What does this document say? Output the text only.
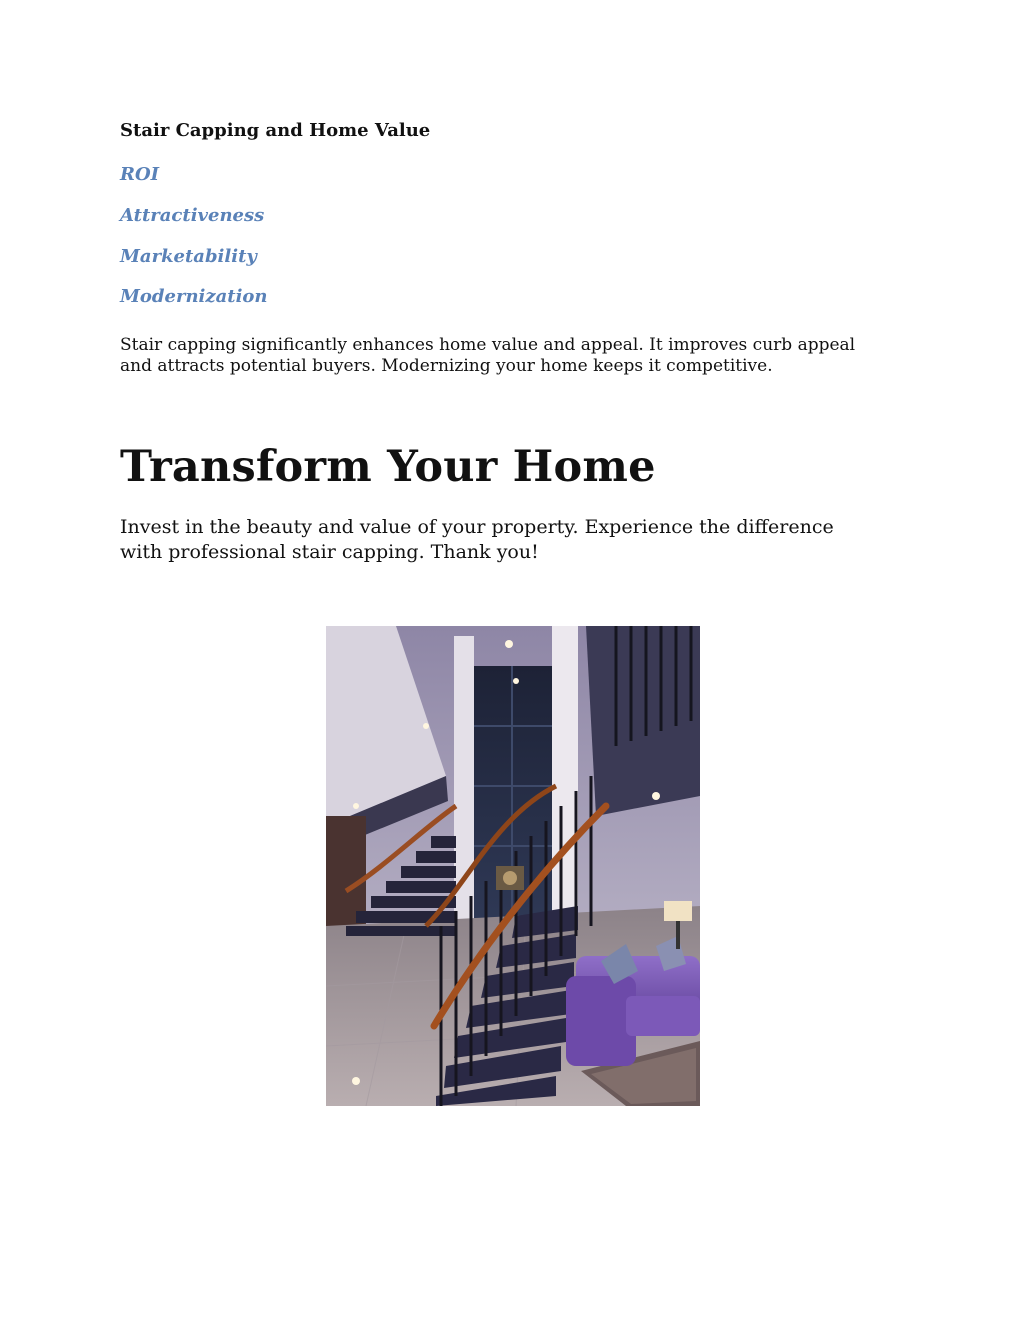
Stair Capping and Home Value
ROI
Attractiveness
Marketability
Modernization
Stair capping significantly enhances home value and appeal. It improves curb appeal and attracts potential buyers. Modernizing your home keeps it competitive.
Transform Your Home
Invest in the beauty and value of your property. Experience the difference with professional stair capping. Thank you!
